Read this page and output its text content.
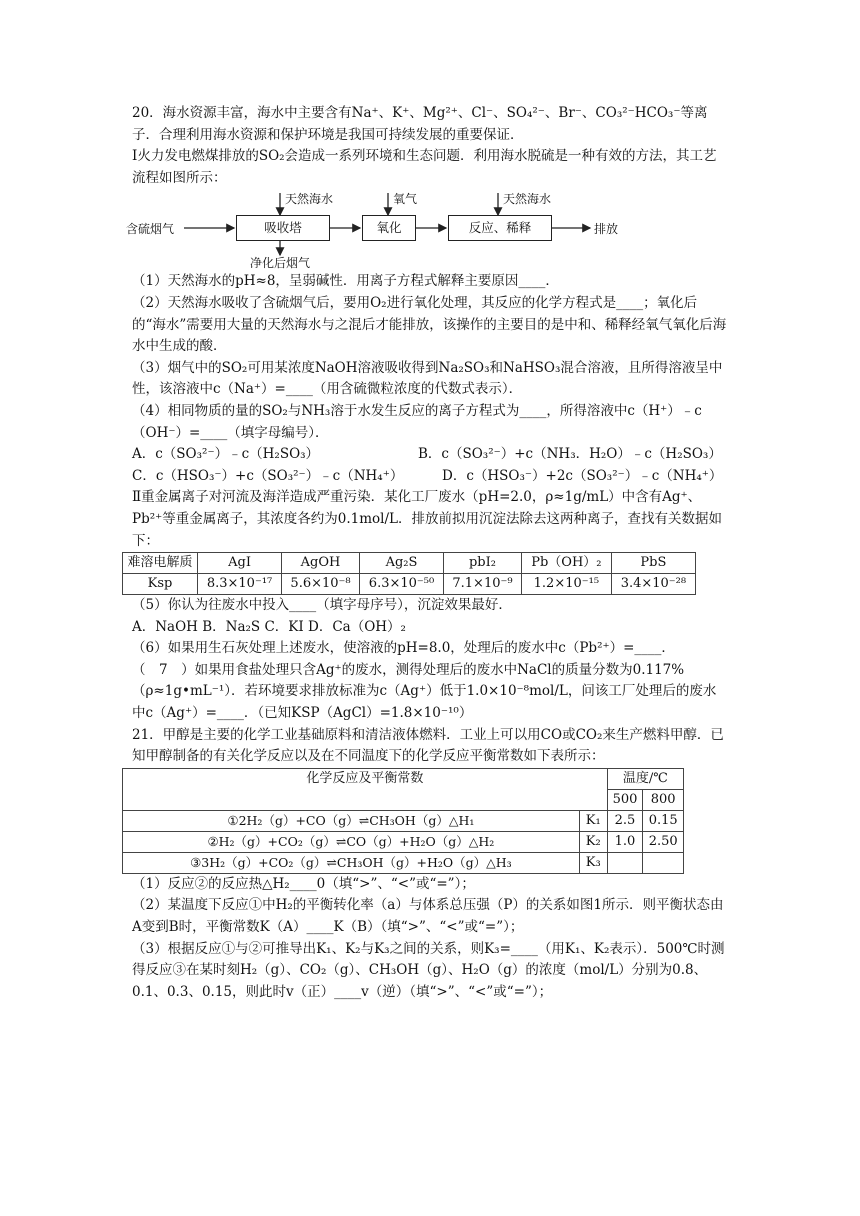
20．海水资源丰富，海水中主要含有Na⁺、K⁺、Mg²⁺、Cl⁻、SO₄²⁻、Br⁻、CO₃²⁻HCO₃⁻等离子．合理利用海水资源和保护环境是我国可持续发展的重要保证．

Ⅰ火力发电燃煤排放的SO₂会造成一系列环境和生态问题．利用海水脱硫是一种有效的方法，其工艺流程如图所示：

含硫烟气	吸收塔	氧化	反应、稀释	排放
天然海水	氧气	天然海水
净化后烟气

（1）天然海水的pH≈8，呈弱碱性．用离子方程式解释主要原因____．

（2）天然海水吸收了含硫烟气后，要用O₂进行氧化处理，其反应的化学方程式是____；氧化后的“海水”需要用大量的天然海水与之混后才能排放，该操作的主要目的是中和、稀释经氧气氧化后海水中生成的酸．

（3）烟气中的SO₂可用某浓度NaOH溶液吸收得到Na₂SO₃和NaHSO₃混合溶液，且所得溶液呈中性，该溶液中c（Na⁺）=____（用含硫微粒浓度的代数式表示）．

（4）相同物质的量的SO₂与NH₃溶于水发生反应的离子方程式为____，所得溶液中c（H⁺）﹣c（OH⁻）=____（填字母编号）．

A．c（SO₃²⁻）﹣c（H₂SO₃）	B．c（SO₃²⁻）+c（NH₃．H₂O）﹣c（H₂SO₃）
C．c（HSO₃⁻）+c（SO₃²⁻）﹣c（NH₄⁺）	D．c（HSO₃⁻）+2c（SO₃²⁻）﹣c（NH₄⁺）

Ⅱ重金属离子对河流及海洋造成严重污染．某化工厂废水（pH=2.0，ρ≈1g/mL）中含有Ag⁺、Pb²⁺等重金属离子，其浓度各约为0.1mol/L．排放前拟用沉淀法除去这两种离子，查找有关数据如下：

难溶电解质	AgI	AgOH	Ag₂S	pbI₂	Pb（OH）₂	PbS
Ksp	8.3×10⁻¹⁷	5.6×10⁻⁸	6.3×10⁻⁵⁰	7.1×10⁻⁹	1.2×10⁻¹⁵	3.4×10⁻²⁸

（5）你认为往废水中投入____（填字母序号），沉淀效果最好．

A．NaOH B．Na₂S C．KI D．Ca（OH）₂

（6）如果用生石灰处理上述废水，使溶液的pH=8.0，处理后的废水中c（Pb²⁺）=____．

（　7　）如果用食盐处理只含Ag⁺的废水，测得处理后的废水中NaCl的质量分数为0.117%（ρ≈1g•mL⁻¹）．若环境要求排放标准为c（Ag⁺）低于1.0×10⁻⁸mol/L，问该工厂处理后的废水中c（Ag⁺）=____．（已知KSP（AgCl）=1.8×10⁻¹⁰）

21．甲醇是主要的化学工业基础原料和清洁液体燃料．工业上可以用CO或CO₂来生产燃料甲醇．已知甲醇制备的有关化学反应以及在不同温度下的化学反应平衡常数如下表所示：

化学反应及平衡常数		温度/℃	
		500	800
①2H₂（g）+CO（g）⇌CH₃OH（g）△H₁	K₁	2.5	0.15
②H₂（g）+CO₂（g）⇌CO（g）+H₂O（g）△H₂	K₂	1.0	2.50
③3H₂（g）+CO₂（g）⇌CH₃OH（g）+H₂O（g）△H₃	K₃		

（1）反应②的反应热△H₂____0（填“>”、“<”或“=”）；

（2）某温度下反应①中H₂的平衡转化率（a）与体系总压强（P）的关系如图1所示．则平衡状态由A变到B时，平衡常数K（A）____K（B）（填“>”、“<”或“=”）；

（3）根据反应①与②可推导出K₁、K₂与K₃之间的关系，则K₃=____（用K₁、K₂表示）．500℃时测得反应③在某时刻H₂（g）、CO₂（g）、CH₃OH（g）、H₂O（g）的浓度（mol/L）分别为0.8、0.1、0.3、0.15，则此时v（正）____v（逆）（填“>”、“<”或“=”）；
